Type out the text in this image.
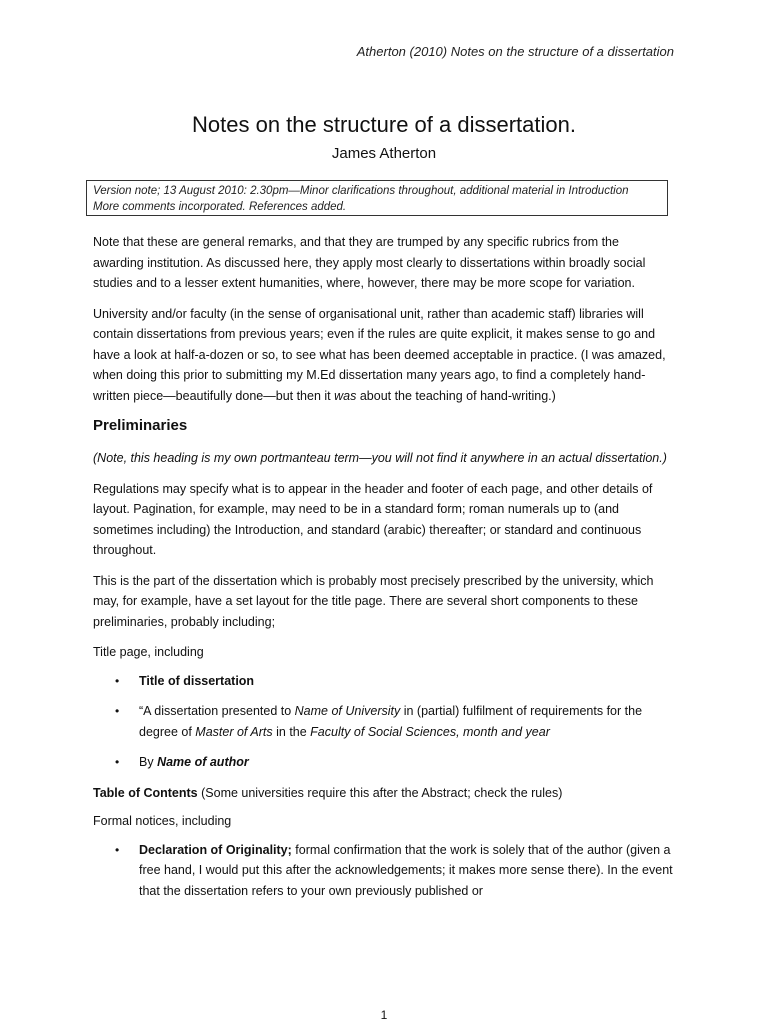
Atherton (2010) Notes on the structure of a dissertation
Notes on the structure of a dissertation.
James Atherton
Version note; 13 August 2010: 2.30pm—Minor clarifications throughout, additional material in Introduction
More comments incorporated. References added.

Note that these are general remarks, and that they are trumped by any specific rubrics from the awarding institution. As discussed here, they apply most clearly to dissertations within broadly social studies and to a lesser extent humanities, where, however, there may be more scope for variation.

University and/or faculty (in the sense of organisational unit, rather than academic staff) libraries will contain dissertations from previous years; even if the rules are quite explicit, it makes sense to go and have a look at half-a-dozen or so, to see what has been deemed acceptable in practice. (I was amazed, when doing this prior to submitting my M.Ed dissertation many years ago, to find a completely hand-written piece—beautifully done—but then it was about the teaching of hand-writing.)

Preliminaries

(Note, this heading is my own portmanteau term—you will not find it anywhere in an actual dissertation.)

Regulations may specify what is to appear in the header and footer of each page, and other details of layout. Pagination, for example, may need to be in a standard form; roman numerals up to (and sometimes including) the Introduction, and standard (arabic) thereafter; or standard and continuous throughout.

This is the part of the dissertation which is probably most precisely prescribed by the university, which may, for example, have a set layout for the title page. There are several short components to these preliminaries, probably including;

Title page, including

• Title of dissertation
• “A dissertation presented to Name of University in (partial) fulfilment of requirements for the degree of Master of Arts in the Faculty of Social Sciences, month and year
• By Name of author

Table of Contents (Some universities require this after the Abstract; check the rules)

Formal notices, including

• Declaration of Originality; formal confirmation that the work is solely that of the author (given a free hand, I would put this after the acknowledgements; it makes more sense there). In the event that the dissertation refers to your own previously published or
1
